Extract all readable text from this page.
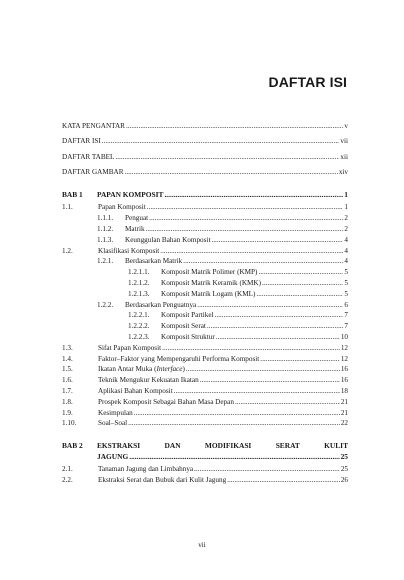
DAFTAR ISI
KATA PENGANTAR .....	v
DAFTAR ISI .....	vii
DAFTAR TABEL .....	xii
DAFTAR GAMBAR .....	xiv
BAB 1	PAPAN KOMPOSIT .....	1
1.1.	Papan Komposit .....	1
1.1.1.	Penguat .....	2
1.1.2.	Matrik .....	2
1.1.3.	Keunggulan Bahan Komposit .....	4
1.2.	Klasifikasi Komposit .....	4
1.2.1.	Berdasarkan Matrik .....	4
1.2.1.1.	Komposit Matrik Polimer (KMP) .....	5
1.2.1.2.	Komposit Matrik Keramik (KMK) .....	5
1.2.1.3.	Komposit Matrik Logam (KML) .....	5
1.2.2.	Berdasarkan Penguatnya .....	6
1.2.2.1.	Komposit Partikel .....	7
1.2.2.2.	Komposit Serat .....	7
1.2.2.3.	Komposit Struktur .....	10
1.3.	Sifat Papan Komposit .....	12
1.4.	Faktor–Faktor yang Mempengaruhi Performa Komposit .....	12
1.5.	Ikatan Antar Muka (Interface) .....	16
1.6.	Teknik Mengukur Kekuatan Ikatan .....	16
1.7.	Aplikasi Bahan Komposit .....	18
1.8.	Prospek Komposit Sebagai Bahan Masa Depan .....	21
1.9.	Kesimpulan .....	21
1.10.	Soal–Soal .....	22
BAB 2	EKSTRAKSI	DAN	MODIFIKASI	SERAT	KULIT
JAGUNG .....	25
2.1.	Tanaman Jagung dan Limbahnya .....	25
2.2.	Ekstraksi Serat dan Bubuk dari Kulit Jagung .....	26
vii
